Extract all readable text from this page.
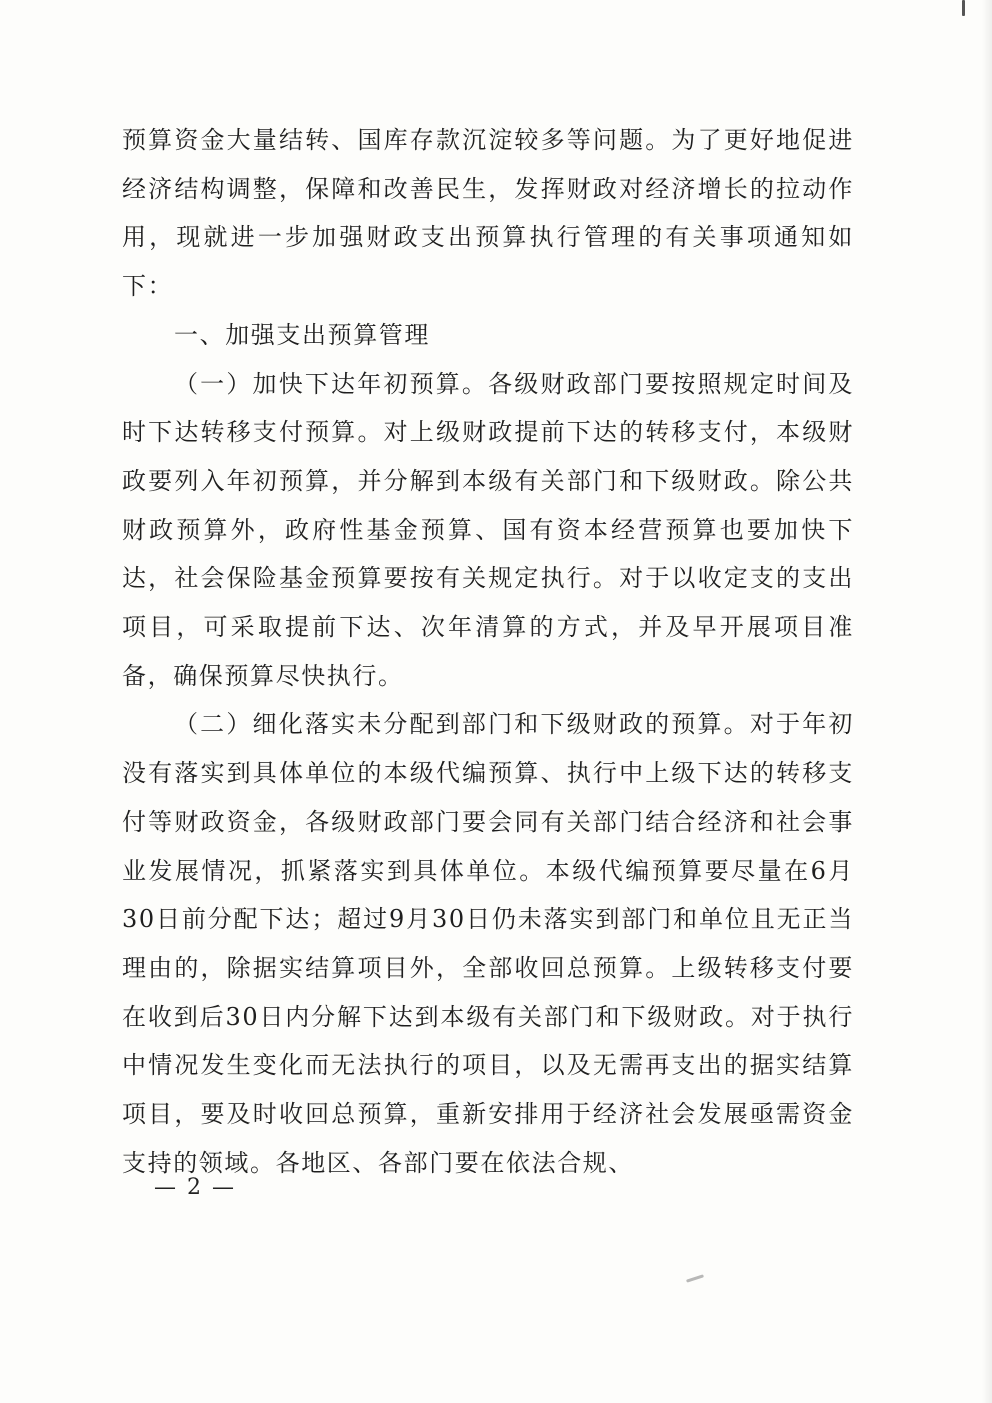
预算资金大量结转、国库存款沉淀较多等问题。为了更好地促进经济结构调整，保障和改善民生，发挥财政对经济增长的拉动作用，现就进一步加强财政支出预算执行管理的有关事项通知如下：

一、加强支出预算管理

（一）加快下达年初预算。各级财政部门要按照规定时间及时下达转移支付预算。对上级财政提前下达的转移支付，本级财政要列入年初预算，并分解到本级有关部门和下级财政。除公共财政预算外，政府性基金预算、国有资本经营预算也要加快下达，社会保险基金预算要按有关规定执行。对于以收定支的支出项目，可采取提前下达、次年清算的方式，并及早开展项目准备，确保预算尽快执行。

（二）细化落实未分配到部门和下级财政的预算。对于年初没有落实到具体单位的本级代编预算、执行中上级下达的转移支付等财政资金，各级财政部门要会同有关部门结合经济和社会事业发展情况，抓紧落实到具体单位。本级代编预算要尽量在6月30日前分配下达；超过9月30日仍未落实到部门和单位且无正当理由的，除据实结算项目外，全部收回总预算。上级转移支付要在收到后30日内分解下达到本级有关部门和下级财政。对于执行中情况发生变化而无法执行的项目，以及无需再支出的据实结算项目，要及时收回总预算，重新安排用于经济社会发展亟需资金支持的领域。各地区、各部门要在依法合规、

— 2 —
